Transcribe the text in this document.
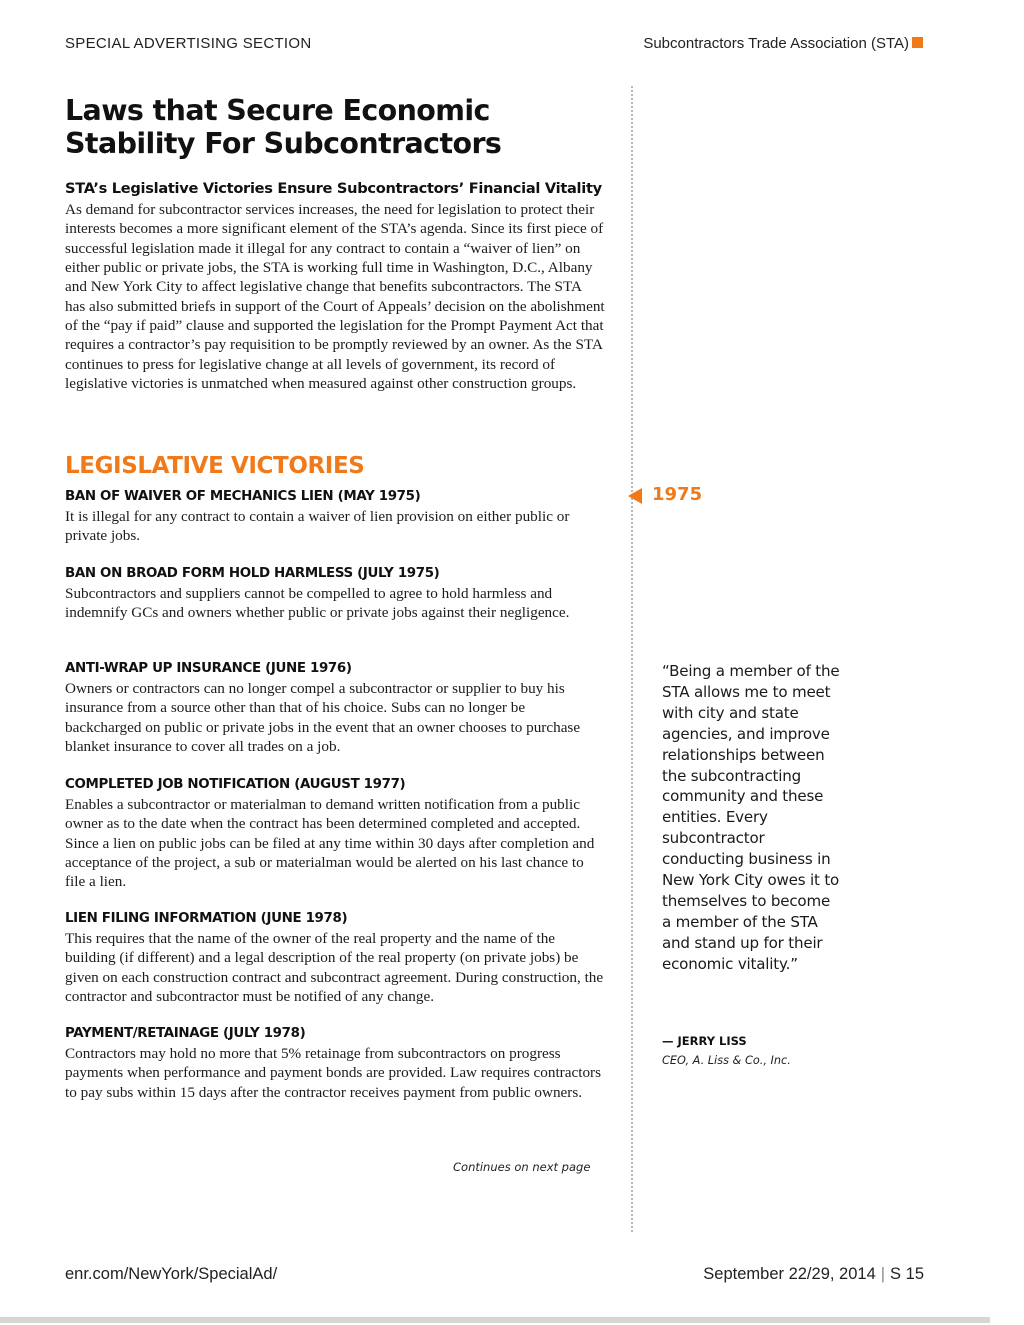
SPECIAL ADVERTISING SECTION	Subcontractors Trade Association (STA)
Laws that Secure Economic Stability For Subcontractors
STA’s Legislative Victories Ensure Subcontractors’ Financial Vitality

As demand for subcontractor services increases, the need for legislation to protect their interests becomes a more significant element of the STA’s agenda. Since its first piece of successful legislation made it illegal for any contract to contain a “waiver of lien” on either public or private jobs, the STA is working full time in Washington, D.C., Albany and New York City to affect legislative change that benefits subcontractors. The STA has also submitted briefs in support of the Court of Appeals’ decision on the abolishment of the “pay if paid” clause and supported the legislation for the Prompt Payment Act that requires a contractor’s pay requisition to be promptly reviewed by an owner. As the STA continues to press for legislative change at all levels of government, its record of legislative victories is unmatched when measured against other construction groups.

LEGISLATIVE VICTORIES
BAN OF WAIVER OF MECHANICS LIEN (MAY 1975)

It is illegal for any contract to contain a waiver of lien provision on either public or private jobs.

BAN ON BROAD FORM HOLD HARMLESS (JULY 1975)

Subcontractors and suppliers cannot be compelled to agree to hold harmless and indemnify GCs and owners whether public or private jobs against their negligence.

ANTI-WRAP UP INSURANCE (JUNE 1976)

Owners or contractors can no longer compel a subcontractor or supplier to buy his insurance from a source other than that of his choice. Subs can no longer be backcharged on public or private jobs in the event that an owner chooses to purchase blanket insurance to cover all trades on a job.

COMPLETED JOB NOTIFICATION (AUGUST 1977)

Enables a subcontractor or materialman to demand written notification from a public owner as to the date when the contract has been determined completed and accepted. Since a lien on public jobs can be filed at any time within 30 days after completion and acceptance of the project, a sub or materialman would be alerted on his last chance to file a lien.

LIEN FILING INFORMATION (JUNE 1978)

This requires that the name of the owner of the real property and the name of the building (if different) and a legal description of the real property (on private jobs) be given on each construction contract and subcontract agreement. During construction, the contractor and subcontractor must be notified of any change.

PAYMENT/RETAINAGE (JULY 1978)

Contractors may hold no more that 5% retainage from subcontractors on progress payments when performance and payment bonds are provided. Law requires contractors to pay subs within 15 days after the contractor receives payment from public owners.

Continues on next page
1975

“Being a member of the STA allows me to meet with city and state agencies, and improve relationships between the subcontracting community and these entities. Every subcontractor conducting business in New York City owes it to themselves to become a member of the STA and stand up for their economic vitality.”

— JERRY LISS
CEO, A. Liss & Co., Inc.
enr.com/NewYork/SpecialAd/	September 22/29, 2014 | S 15
